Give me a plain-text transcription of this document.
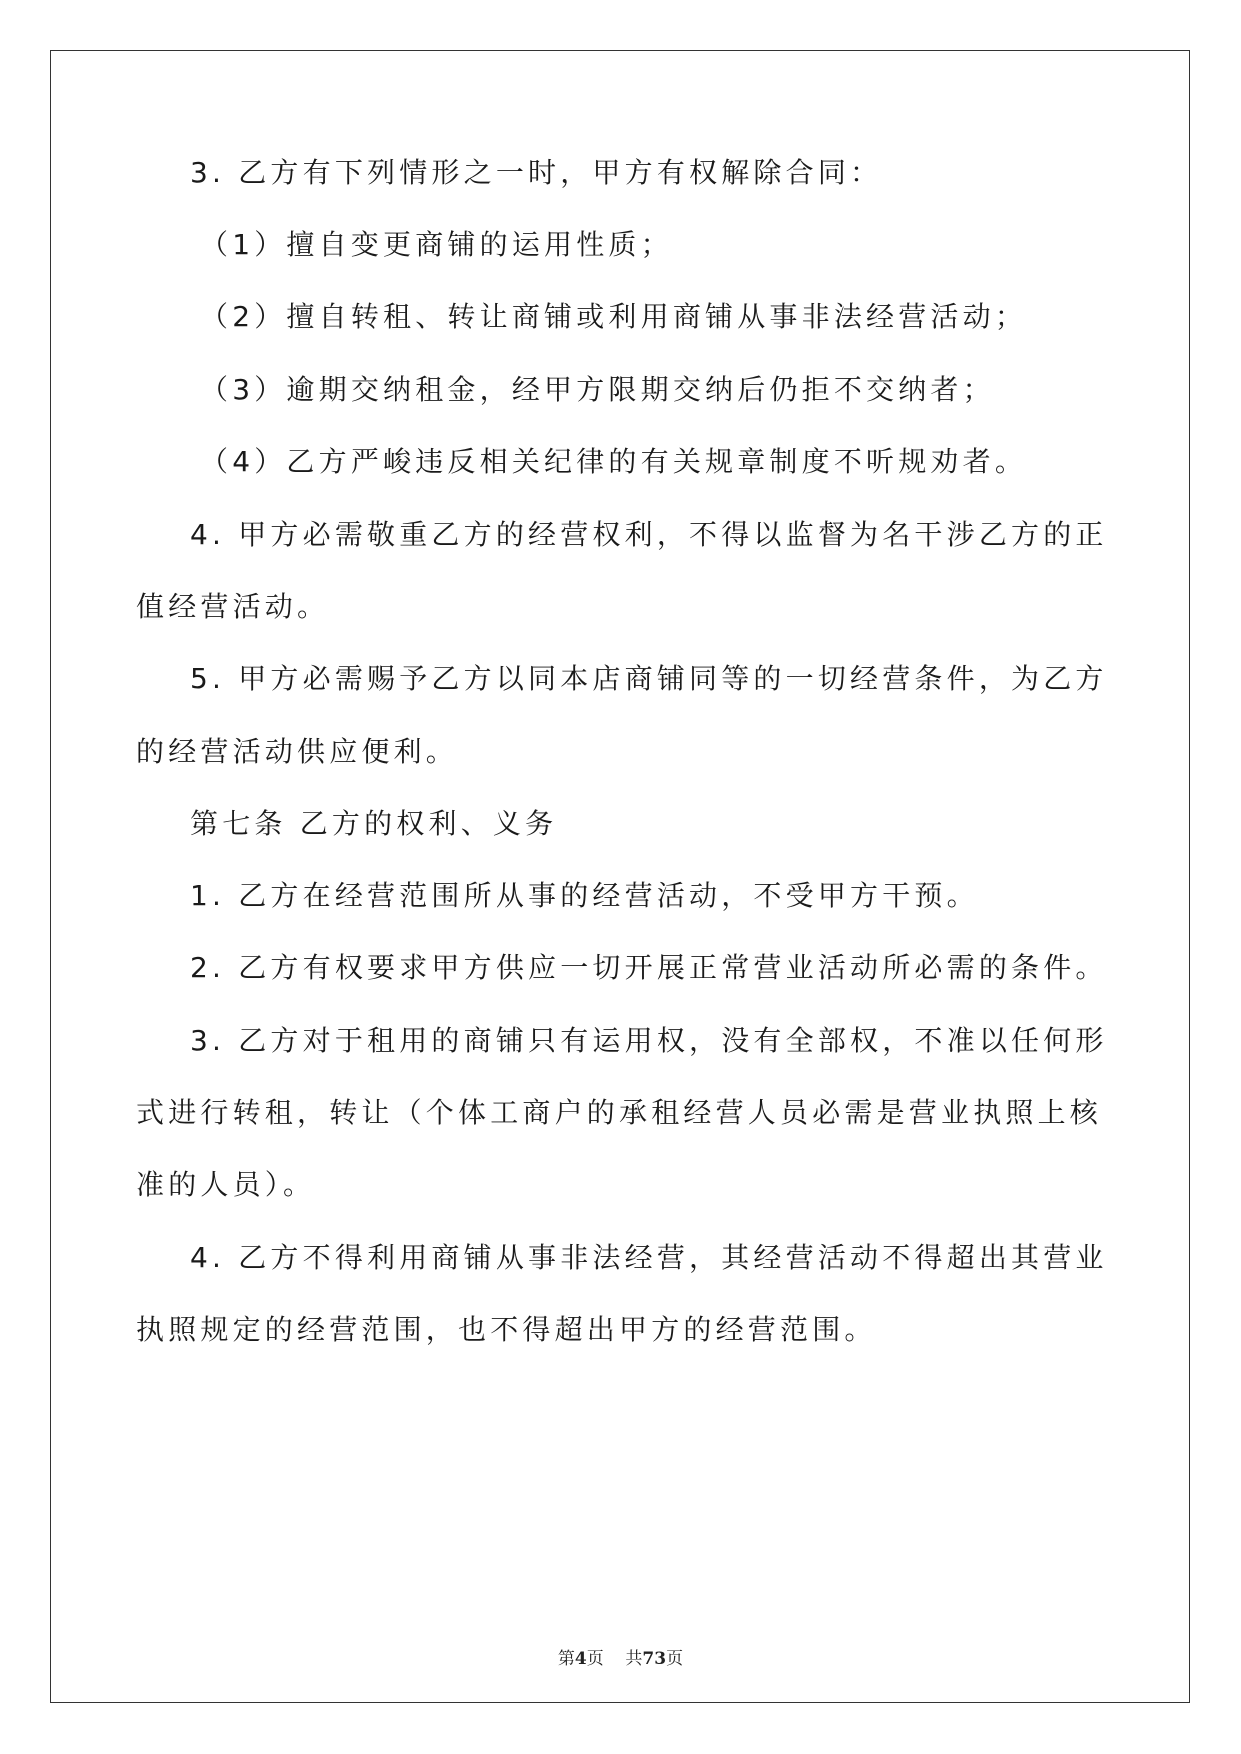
3. 乙方有下列情形之一时，甲方有权解除合同：
（1）擅自变更商铺的运用性质；
（2）擅自转租、转让商铺或利用商铺从事非法经营活动；
（3）逾期交纳租金，经甲方限期交纳后仍拒不交纳者；
（4）乙方严峻违反相关纪律的有关规章制度不听规劝者。
4. 甲方必需敬重乙方的经营权利，不得以监督为名干涉乙方的正
值经营活动。
5. 甲方必需赐予乙方以同本店商铺同等的一切经营条件，为乙方
的经营活动供应便利。
第七条 乙方的权利、义务
1. 乙方在经营范围所从事的经营活动，不受甲方干预。
2. 乙方有权要求甲方供应一切开展正常营业活动所必需的条件。
3. 乙方对于租用的商铺只有运用权，没有全部权，不准以任何形
式进行转租，转让（个体工商户的承租经营人员必需是营业执照上核
准的人员）。
4. 乙方不得利用商铺从事非法经营，其经营活动不得超出其营业
执照规定的经营范围，也不得超出甲方的经营范围。
第4页 共73页
